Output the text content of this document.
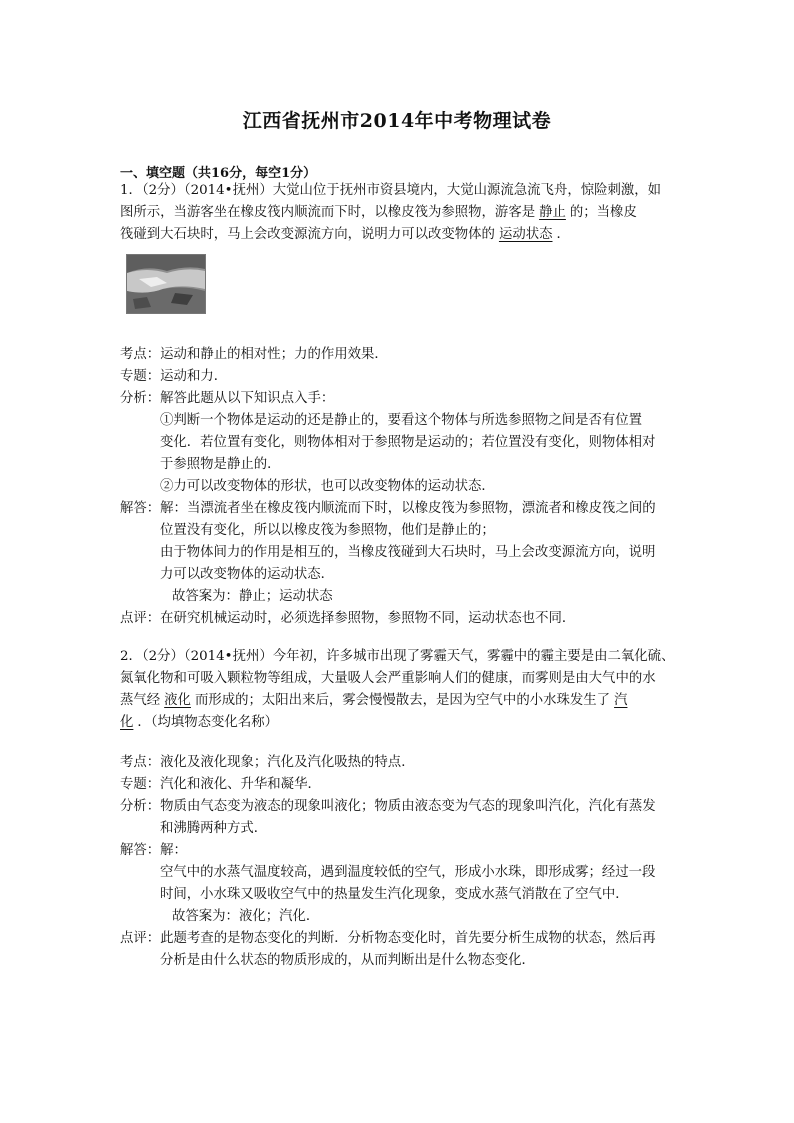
江西省抚州市2014年中考物理试卷
一、填空题（共16分，每空1分）
1．（2分）（2014•抚州）大觉山位于抚州市资县境内，大觉山源流急流飞舟，惊险刺激，如
图所示，当游客坐在橡皮筏内顺流而下时，以橡皮筏为参照物，游客是 静止 的；当橡皮
筏碰到大石块时，马上会改变源流方向，说明力可以改变物体的 运动状态 ．
考点：运动和静止的相对性；力的作用效果．
专题：运动和力．
分析：解答此题从以下知识点入手：
①判断一个物体是运动的还是静止的，要看这个物体与所选参照物之间是否有位置
变化．若位置有变化，则物体相对于参照物是运动的；若位置没有变化，则物体相对
于参照物是静止的．
②力可以改变物体的形状，也可以改变物体的运动状态．
解答：解：当漂流者坐在橡皮筏内顺流而下时，以橡皮筏为参照物，漂流者和橡皮筏之间的
位置没有变化，所以以橡皮筏为参照物，他们是静止的；
由于物体间力的作用是相互的，当橡皮筏碰到大石块时，马上会改变源流方向，说明
力可以改变物体的运动状态．
故答案为：静止；运动状态
点评：在研究机械运动时，必须选择参照物，参照物不同，运动状态也不同．
2．（2分）（2014•抚州）今年初，许多城市出现了雾霾天气，雾霾中的霾主要是由二氧化硫、
氮氧化物和可吸入颗粒物等组成，大量吸人会严重影响人们的健康，而雾则是由大气中的水
蒸气经 液化 而形成的；太阳出来后，雾会慢慢散去，是因为空气中的小水珠发生了 汽
化 ．（均填物态变化名称）
考点：液化及液化现象；汽化及汽化吸热的特点．
专题：汽化和液化、升华和凝华．
分析：物质由气态变为液态的现象叫液化；物质由液态变为气态的现象叫汽化，汽化有蒸发
和沸腾两种方式．
解答：解：
空气中的水蒸气温度较高，遇到温度较低的空气，形成小水珠，即形成雾；经过一段
时间，小水珠又吸收空气中的热量发生汽化现象，变成水蒸气消散在了空气中．
故答案为：液化；汽化．
点评：此题考查的是物态变化的判断．分析物态变化时，首先要分析生成物的状态，然后再
分析是由什么状态的物质形成的，从而判断出是什么物态变化．
